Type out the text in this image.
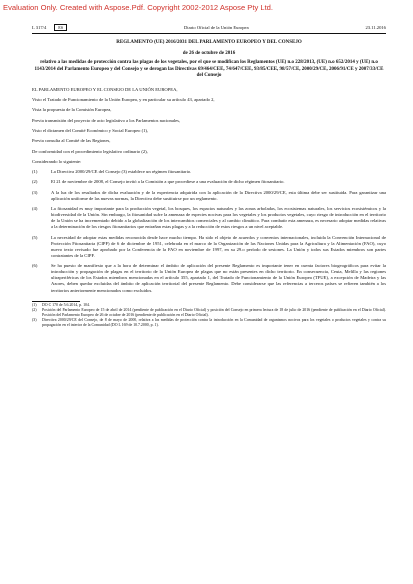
Evaluation Only. Created with Aspose.Pdf. Copyright 2002-2012 Aspose Pty Ltd.
L 317/4	ES	Diario Oficial de la Unión Europea	23.11.2016
REGLAMENTO (UE) 2016/2031 DEL PARLAMENTO EUROPEO Y DEL CONSEJO
de 26 de octubre de 2016
relativo a las medidas de protección contra las plagas de los vegetales, por el que se modifican los Reglamentos (UE) n.o 228/2013, (UE) n.o 652/2014 y (UE) n.o 1143/2014 del Parlamento Europeo y del Consejo y se derogan las Directivas 69/464/CEE, 74/647/CEE, 93/85/CEE, 98/57/CE, 2000/29/CE, 2006/91/CE y 2007/33/CE del Consejo

EL PARLAMENTO EUROPEO Y EL CONSEJO DE LA UNIÓN EUROPEA,

Visto el Tratado de Funcionamiento de la Unión Europea, y en particular su artículo 43, apartado 2,

Vista la propuesta de la Comisión Europea,

Previa transmisión del proyecto de acto legislativo a los Parlamentos nacionales,

Visto el dictamen del Comité Económico y Social Europeo (1),

Previa consulta al Comité de las Regiones,

De conformidad con el procedimiento legislativo ordinario (2),

Considerando lo siguiente:

(1)	La Directiva 2000/29/CE del Consejo (3) establece un régimen fitosanitario.
(2)	El 21 de noviembre de 2008, el Consejo invitó a la Comisión a que procediese a una evaluación de dicho régimen fitosanitario.
(3)	A la luz de los resultados de dicha evaluación y de la experiencia adquirida con la aplicación de la Directiva 2000/29/CE, esta última debe ser sustituida. Para garantizar una aplicación uniforme de las nuevas normas, la Directiva debe sustituirse por un reglamento.
(4)	La fitosanidad es muy importante para la producción vegetal, los bosques, los espacios naturales y las zonas arboladas, los ecosistemas naturales, los servicios ecosistémicos y la biodiversidad de la Unión. Sin embargo, la fitosanidad sufre la amenaza de especies nocivas para los vegetales y los productos vegetales, cuyo riesgo de introducción en el territorio de la Unión se ha incrementado debido a la globalización de los intercambios comerciales y al cambio climático. Para combatir esta amenaza, es necesario adoptar medidas relativas a la determinación de los riesgos fitosanitarios que entrañan estas plagas y a la reducción de estos riesgos a un nivel aceptable.
(5)	La necesidad de adoptar estas medidas reconocida desde hace mucho tiempo. Ha sido el objeto de acuerdos y convenios internacionales, incluida la Convención Internacional de Protección Fitosanitaria (CIPF) de 6 de diciembre de 1951, celebrada en el marco de la Organización de las Naciones Unidas para la Agricultura y la Alimentación (FAO), cuyo nuevo texto revisado fue aprobado por la Conferencia de la FAO en noviembre de 1997, en su 29.o período de sesiones. La Unión y todos sus Estados miembros son partes contratantes de la CIPF.
(6)	Se ha puesto de manifiesto que a la hora de determinar el ámbito de aplicación del presente Reglamento es importante tener en cuenta factores biogeográficos para evitar la introducción y propagación de plagas en el territorio de la Unión Europea de plagas que no están presentes en dicho territorio. En consecuencia, Ceuta, Melilla y las regiones ultraperiféricas de los Estados miembros mencionadas en el artículo 355, apartado 1, del Tratado de Funcionamiento de la Unión Europea (TFUE), a excepción de Madeira y las Azores, deben quedar excluidas del ámbito de aplicación territorial del presente Reglamento. Debe considerarse que las referencias a terceros países se refieren también a los territorios anteriormente mencionados como excluidos.
(1)	DO C 170 de 5.6.2014, p. 104.
(2)	Posición del Parlamento Europeo de 15 de abril de 2014 (pendiente de publicación en el Diario Oficial) y posición del Consejo en primera lectura de 18 de julio de 2016 (pendiente de publicación en el Diario Oficial). Posición del Parlamento Europeo de 26 de octubre de 2016 (pendiente de publicación en el Diario Oficial).
(3)	Directiva 2000/29/CE del Consejo, de 8 de mayo de 2000, relativa a las medidas de protección contra la introducción en la Comunidad de organismos nocivos para los vegetales o productos vegetales y contra su propagación en el interior de la Comunidad (DO L 169 de 10.7.2000, p. 1).
